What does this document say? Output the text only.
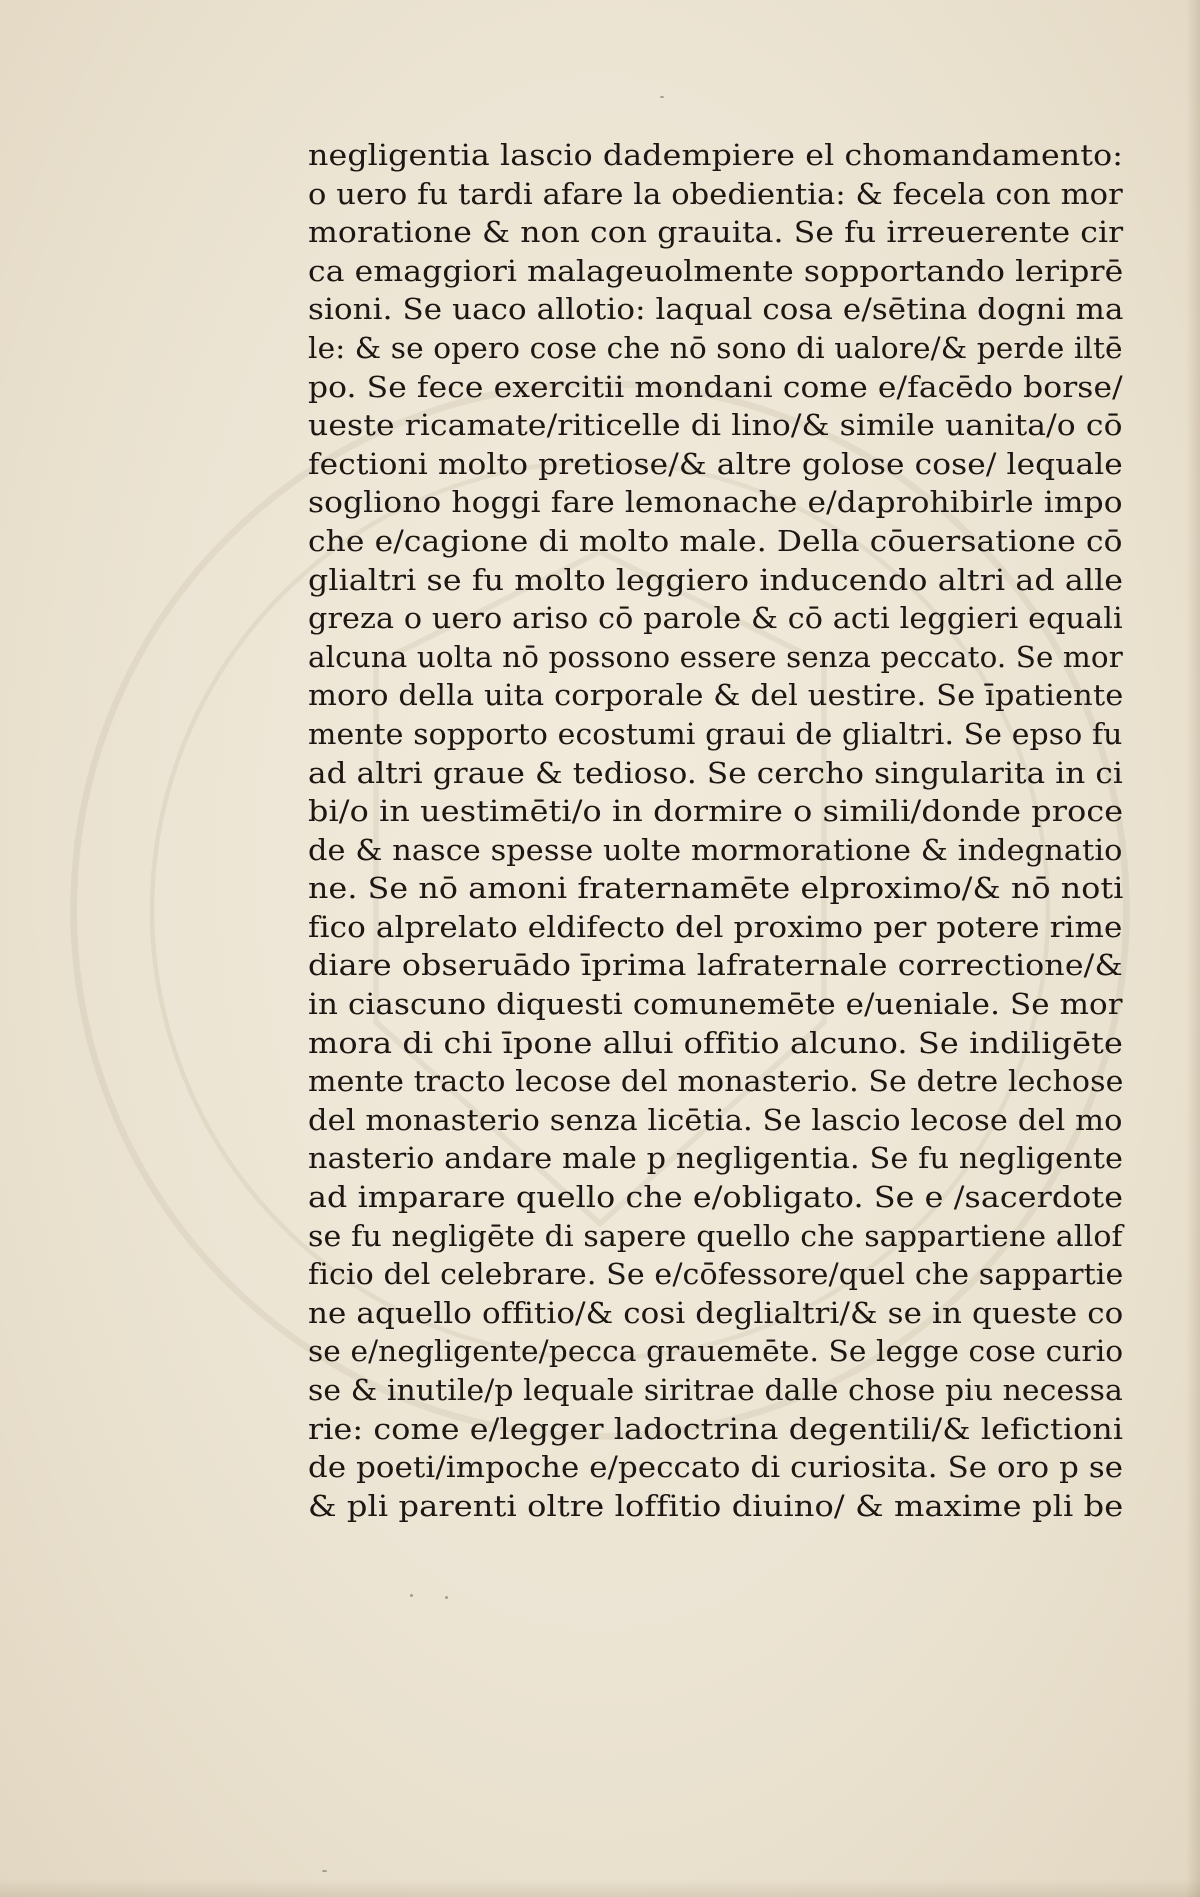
negligentia lascio dadempiere el chomandamento:
o uero fu tardi afare la obedientia: & fecela con mor
moratione & non con grauita. Se fu irreuerente cir
ca emaggiori malageuolmente sopportando leriprē
sioni. Se uaco allotio: laqual cosa e/sētina dogni ma
le: & se opero cose che nō sono di ualore/& perde iltē
po. Se fece exercitii mondani come e/facēdo borse/
ueste ricamate/riticelle di lino/& simile uanita/o cō
fectioni molto pretiose/& altre golose cose/ lequale
sogliono hoggi fare lemonache e/daprohibirle impo
che e/cagione di molto male. Della cōuersatione cō
glialtri se fu molto leggiero inducendo altri ad alle
greza o uero ariso cō parole & cō acti leggieri equali
alcuna uolta nō possono essere senza peccato. Se mor
moro della uita corporale & del uestire. Se īpatiente
mente sopporto ecostumi graui de glialtri. Se epso fu
ad altri graue & tedioso. Se cercho singularita in ci
bi/o in uestimēti/o in dormire o simili/donde proce
de & nasce spesse uolte mormoratione & indegnatio
ne. Se nō amoni fraternamēte elproximo/& nō noti
fico alprelato eldifecto del proximo per potere rime
diare obseruādo īprima lafraternale correctione/&
in ciascuno diquesti comunemēte e/ueniale. Se mor
mora di chi īpone allui offitio alcuno. Se indiligēte
mente tracto lecose del monasterio. Se detre lechose
del monasterio senza licētia. Se lascio lecose del mo
nasterio andare male p negligentia. Se fu negligente
ad imparare quello che e/obligato. Se e /sacerdote
se fu negligēte di sapere quello che sappartiene allof
ficio del celebrare. Se e/cōfessore/quel che sappartie
ne aquello offitio/& cosi deglialtri/& se in queste co
se e/negligente/pecca grauemēte. Se legge cose curio
se & inutile/p lequale siritrae dalle chose piu necessa
rie: come e/legger ladoctrina degentili/& lefictioni
de poeti/impoche e/peccato di curiosita. Se oro p se
& pli parenti oltre loffitio diuino/ & maxime pli be
